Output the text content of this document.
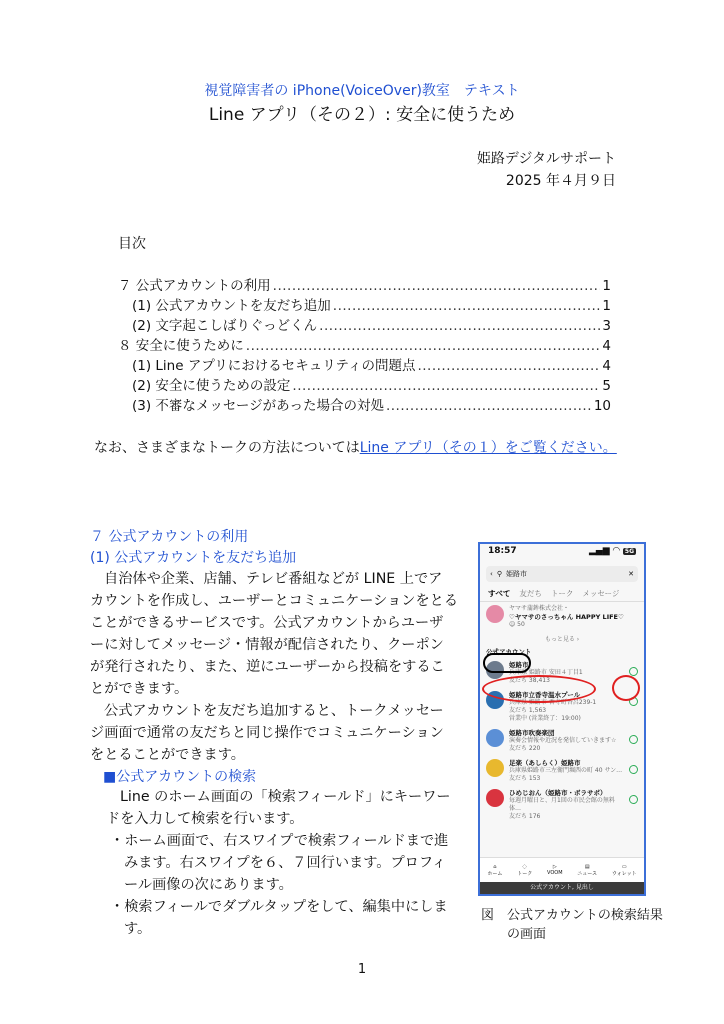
視覚障害者の iPhone(VoiceOver)教室　テキスト
Line アプリ（その２）: 安全に使うため
姫路デジタルサポート
2025 年４月９日
目次
７ 公式アカウントの利用 .....	1
(1) 公式アカウントを友だち追加 .....	1
(2) 文字起こしばりぐっどくん .....	3
８ 安全に使うために .....	4
(1) Line アプリにおけるセキュリティの問題点 .....	4
(2) 安全に使うための設定 .....	5
(3) 不審なメッセージがあった場合の対処 .....	10
なお、さまざまなトークの方法についてはLine アプリ（その１）をご覧ください。
７ 公式アカウントの利用
(1) 公式アカウントを友だち追加
自治体や企業、店舗、テレビ番組などが LINE 上でア
カウントを作成し、ユーザーとコミュニケーションをとる
ことができるサービスです。公式アカウントからユーザ
ーに対してメッセージ・情報が配信されたり、クーポン
が発行されたり、また、逆にユーザーから投稿をするこ
とができます。
公式アカウントを友だち追加すると、トークメッセー
ジ画面で通常の友だちと同じ操作でコミュニケーション
をとることができます。
■公式アカウントの検索
Line のホーム画面の「検索フィールド」にキーワー
ドを入力して検索を行います。
・ホーム画面で、右スワイプで検索フィールドまで進
みます。右スワイプを６、７回行います。プロフィ
ール画像の次にあります。
・検索フィールでダブルタップをして、編集中にしま
す。
18:57	▂▄▆ ◠ 5G
‹ ⚲ 姫路市	✕
すべて 友だち トーク メッセージ
ヤマサ蒲鉾株式会社・
♡ヤマサのさっちゃん HAPPY LIFE♡
☺ 50
もっと見る ›
公式アカウント
姫路市
兵庫県 姫路市 安田４丁目1
友だち 38,413
姫路市立香寺温水プール
兵庫県 姫路市 香寺町香呂239-1
友だち 1,563
営業中 (営業終了：19:00)
姫路市吹奏楽団
演奏会情報や近況を発信していきます☆
友だち 220
足楽（あしらく）姫路市
兵庫県姫路市三左衛門堀西の町 40 サン…
友だち 153
ひめじおん（姫路市・ボラサポ）
毎週月曜日と、月1回の市民会館の無料体…
友だち 176
⌂
ホーム
◌
トーク
▷
VOOM
▤
ニュース
▭
ウォレット
公式アカウント, 見出し
図　公式アカウントの検索結果
の画面
1
